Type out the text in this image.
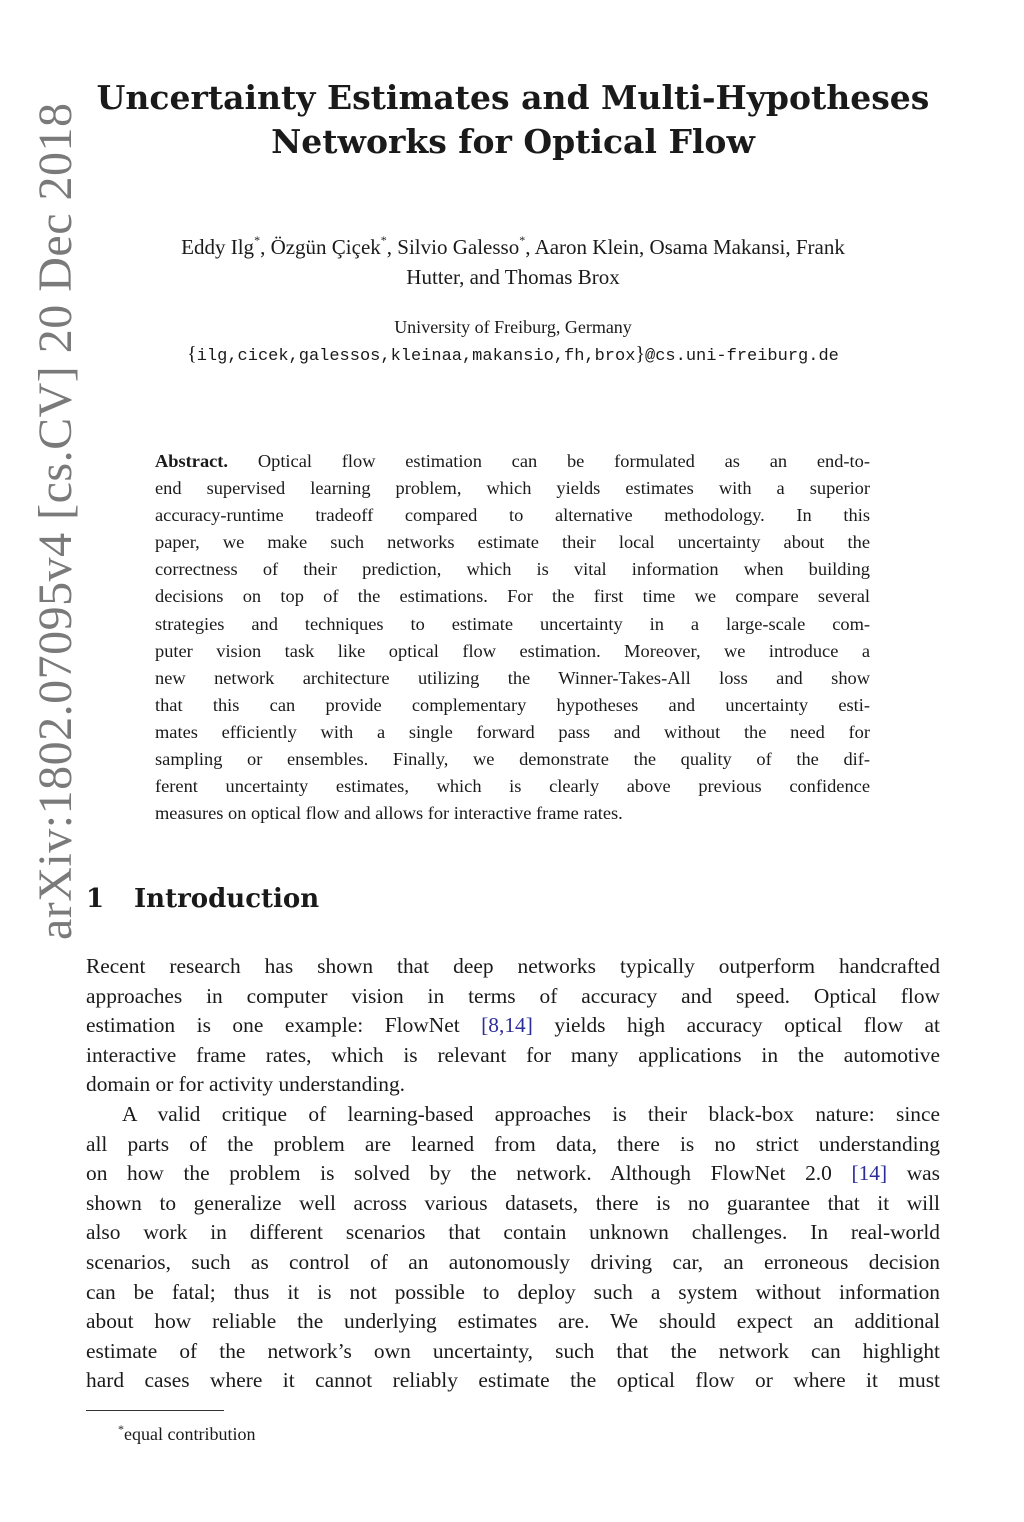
arXiv:1802.07095v4 [cs.CV] 20 Dec 2018
Uncertainty Estimates and Multi-Hypotheses
Networks for Optical Flow
Eddy Ilg*, Özgün Çiçek*, Silvio Galesso*, Aaron Klein, Osama Makansi, Frank
Hutter, and Thomas Brox
University of Freiburg, Germany
{ilg,cicek,galessos,kleinaa,makansio,fh,brox}@cs.uni-freiburg.de
Abstract. Optical flow estimation can be formulated as an end-to-
end supervised learning problem, which yields estimates with a superior
accuracy-runtime tradeoff compared to alternative methodology. In this
paper, we make such networks estimate their local uncertainty about the
correctness of their prediction, which is vital information when building
decisions on top of the estimations. For the first time we compare several
strategies and techniques to estimate uncertainty in a large-scale com-
puter vision task like optical flow estimation. Moreover, we introduce a
new network architecture utilizing the Winner-Takes-All loss and show
that this can provide complementary hypotheses and uncertainty esti-
mates efficiently with a single forward pass and without the need for
sampling or ensembles. Finally, we demonstrate the quality of the dif-
ferent uncertainty estimates, which is clearly above previous confidence
measures on optical flow and allows for interactive frame rates.
1 Introduction
Recent research has shown that deep networks typically outperform handcrafted
approaches in computer vision in terms of accuracy and speed. Optical flow
estimation is one example: FlowNet [8,14] yields high accuracy optical flow at
interactive frame rates, which is relevant for many applications in the automotive
domain or for activity understanding.
A valid critique of learning-based approaches is their black-box nature: since
all parts of the problem are learned from data, there is no strict understanding
on how the problem is solved by the network. Although FlowNet 2.0 [14] was
shown to generalize well across various datasets, there is no guarantee that it will
also work in different scenarios that contain unknown challenges. In real-world
scenarios, such as control of an autonomously driving car, an erroneous decision
can be fatal; thus it is not possible to deploy such a system without information
about how reliable the underlying estimates are. We should expect an additional
estimate of the network’s own uncertainty, such that the network can highlight
hard cases where it cannot reliably estimate the optical flow or where it must
*equal contribution
